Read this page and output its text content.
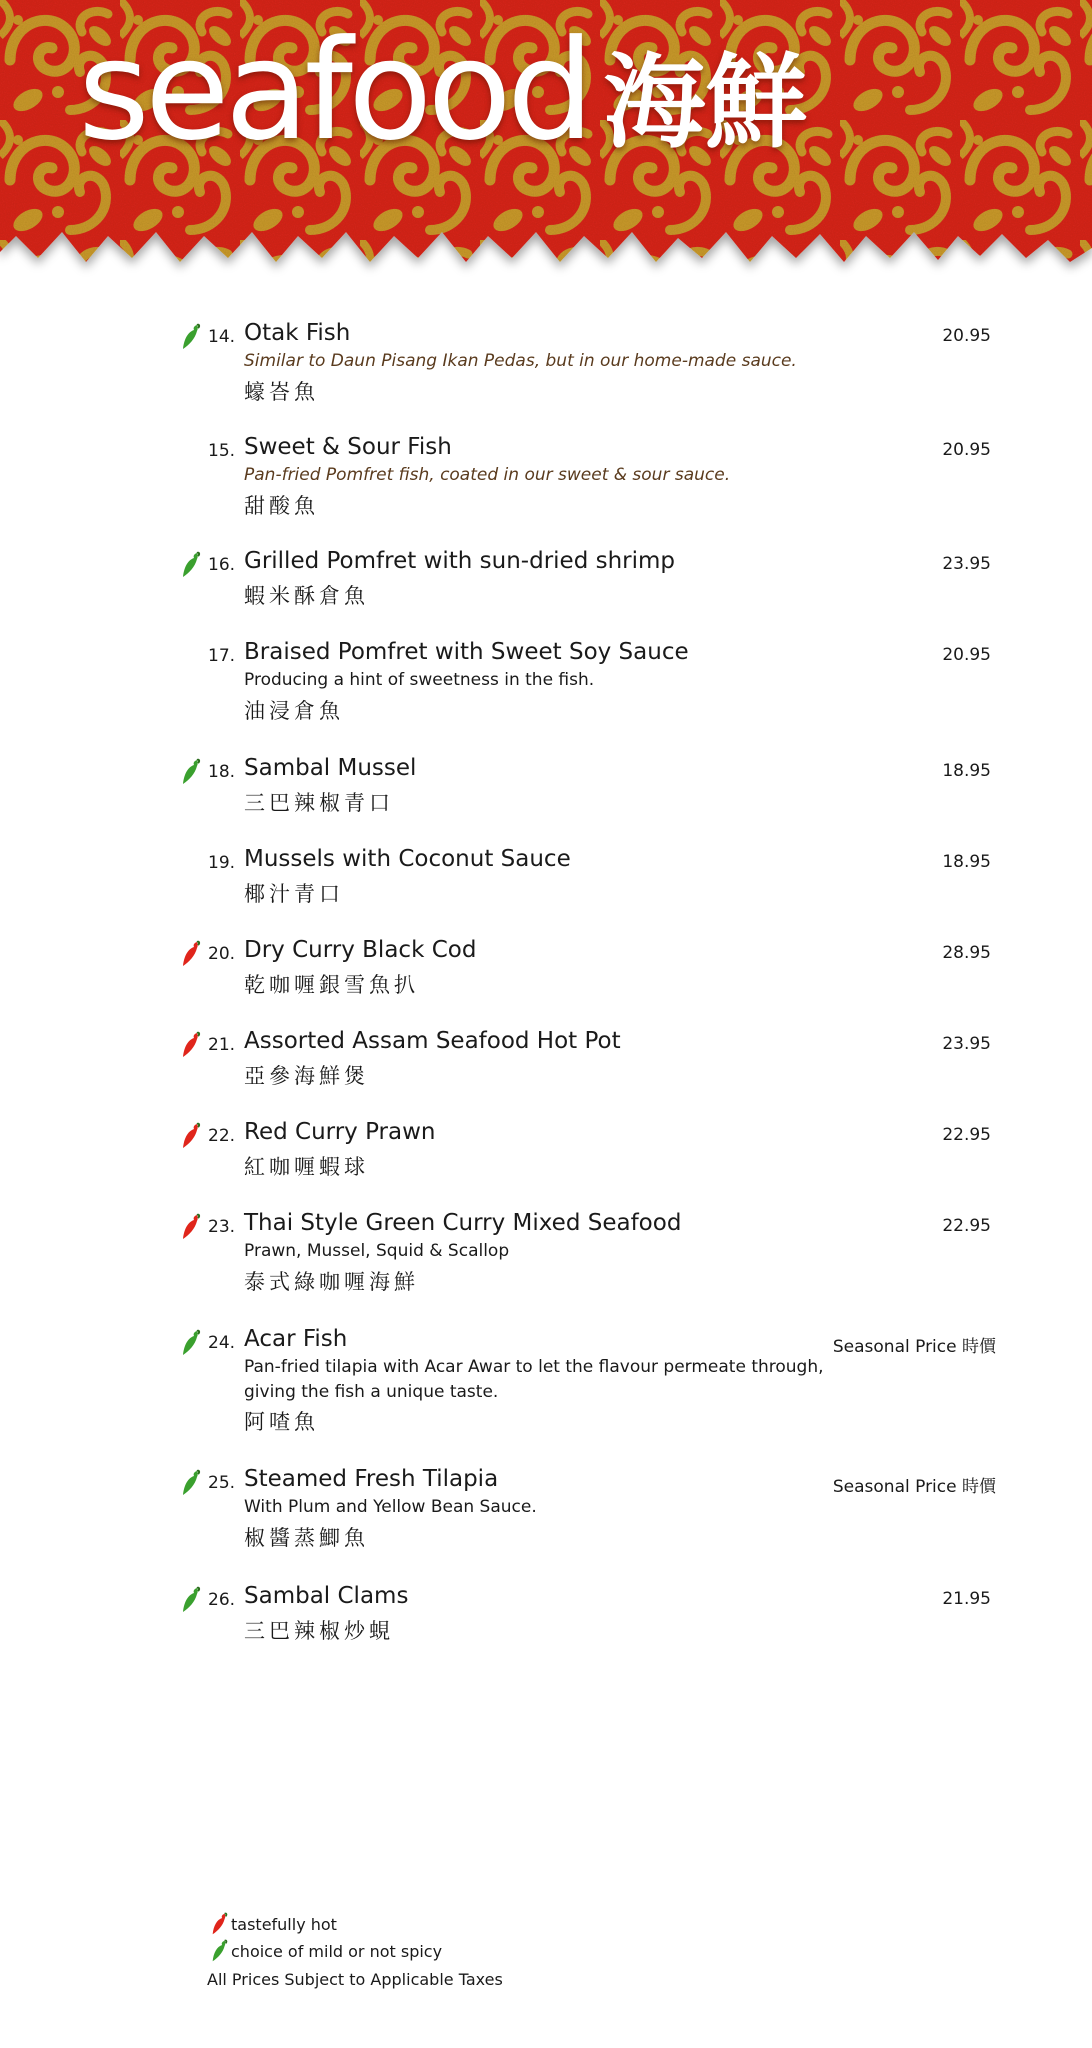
seafood 海鮮
14. Otak Fish	20.95
Similar to Daun Pisang Ikan Pedas, but in our home-made sauce.
蠔峇魚
15. Sweet & Sour Fish	20.95
Pan-fried Pomfret fish, coated in our sweet & sour sauce.
甜酸魚
16. Grilled Pomfret with sun-dried shrimp	23.95
蝦米酥倉魚
17. Braised Pomfret with Sweet Soy Sauce	20.95
Producing a hint of sweetness in the fish.
油浸倉魚
18. Sambal Mussel	18.95
三巴辣椒青口
19. Mussels with Coconut Sauce	18.95
椰汁青口
20. Dry Curry Black Cod	28.95
乾咖喱銀雪魚扒
21. Assorted Assam Seafood Hot Pot	23.95
亞參海鮮煲
22. Red Curry Prawn	22.95
紅咖喱蝦球
23. Thai Style Green Curry Mixed Seafood	22.95
Prawn, Mussel, Squid & Scallop
泰式綠咖喱海鮮
24. Acar Fish	Seasonal Price 時價
Pan-fried tilapia with Acar Awar to let the flavour permeate through, giving the fish a unique taste.
阿喳魚
25. Steamed Fresh Tilapia	Seasonal Price 時價
With Plum and Yellow Bean Sauce.
椒醬蒸鯽魚
26. Sambal Clams	21.95
三巴辣椒炒蜆
tastefully hot
choice of mild or not spicy
All Prices Subject to Applicable Taxes
